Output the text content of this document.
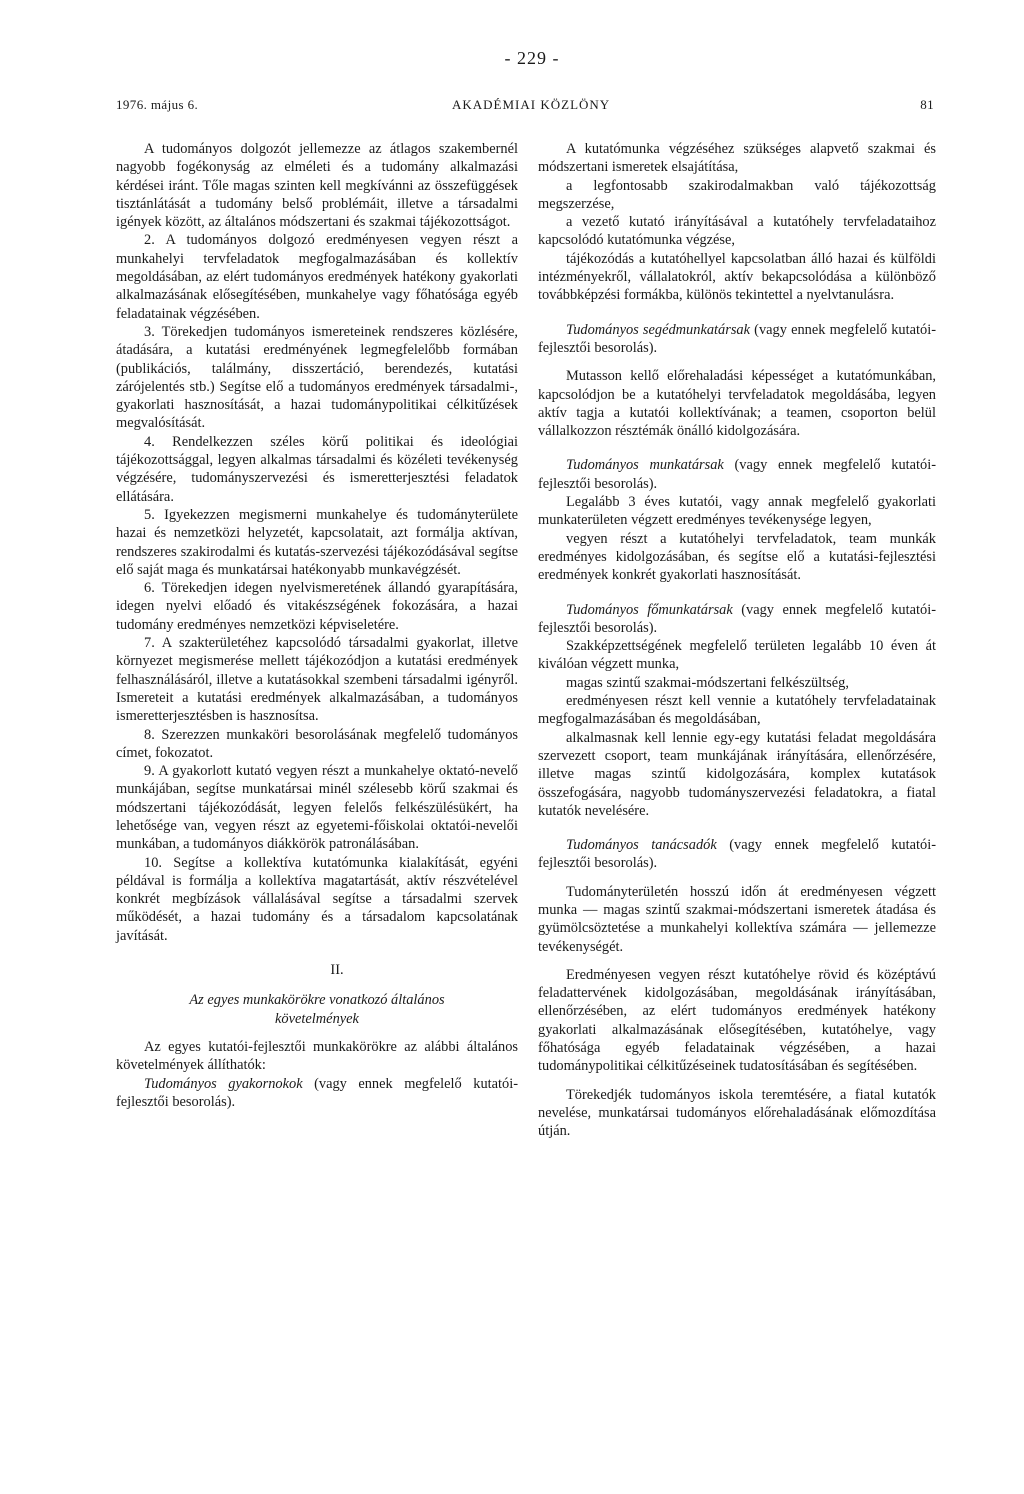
- 229 -
1976. május 6.	AKADÉMIAI KÖZLÖNY	81

A tudományos dolgozót jellemezze az átlagos szakembernél nagyobb fogékonyság az elméleti és a tudomány alkalmazási kérdései iránt. Tőle magas szinten kell megkívánni az összefüggések tisztánlátását a tudomány belső problémáit, illetve a társadalmi igények között, az általános módszertani és szakmai tájékozottságot.

2. A tudományos dolgozó eredményesen vegyen részt a munkahelyi tervfeladatok megfogalmazásában és kollektív megoldásában, az elért tudományos eredmények hatékony gyakorlati alkalmazásának elősegítésében, munkahelye vagy főhatósága egyéb feladatainak végzésében.

3. Törekedjen tudományos ismereteinek rendszeres közlésére, átadására, a kutatási eredményének legmegfelelőbb formában (publikációs, találmány, disszertáció, berendezés, kutatási zárójelentés stb.) Segítse elő a tudományos eredmények társadalmi-, gyakorlati hasznosítását, a hazai tudománypolitikai célkitűzések megvalósítását.

4. Rendelkezzen széles körű politikai és ideológiai tájékozottsággal, legyen alkalmas társadalmi és közéleti tevékenység végzésére, tudományszervezési és ismeretterjesztési feladatok ellátására.

5. Igyekezzen megismerni munkahelye és tudományterülete hazai és nemzetközi helyzetét, kapcsolatait, azt formálja aktívan, rendszeres szakirodalmi és kutatás-szervezési tájékozódásával segítse elő saját maga és munkatársai hatékonyabb munkavégzését.

6. Törekedjen idegen nyelvismeretének állandó gyarapítására, idegen nyelvi előadó és vitakészségének fokozására, a hazai tudomány eredményes nemzetközi képviseletére.

7. A szakterületéhez kapcsolódó társadalmi gyakorlat, illetve környezet megismerése mellett tájékozódjon a kutatási eredmények felhasználásáról, illetve a kutatásokkal szembeni társadalmi igényről. Ismereteit a kutatási eredmények alkalmazásában, a tudományos ismeretterjesztésben is hasznosítsa.

8. Szerezzen munkaköri besorolásának megfelelő tudományos címet, fokozatot.

9. A gyakorlott kutató vegyen részt a munkahelye oktató-nevelő munkájában, segítse munkatársai minél szélesebb körű szakmai és módszertani tájékozódását, legyen felelős felkészülésükért, ha lehetősége van, vegyen részt az egyetemi-főiskolai oktatói-nevelői munkában, a tudományos diákkörök patronálásában.

10. Segítse a kollektíva kutatómunka kialakítását, egyéni példával is formálja a kollektíva magatartását, aktív részvételével konkrét megbízások vállalásával segítse a társadalmi szervek működését, a hazai tudomány és a társadalom kapcsolatának javítását.

II.

Az egyes munkakörökre vonatkozó általános követelmények

Az egyes kutatói-fejlesztői munkakörökre az alábbi általános követelmények állíthatók:

Tudományos gyakornokok (vagy ennek megfelelő kutatói-fejlesztői besorolás).

A kutatómunka végzéséhez szükséges alapvető szakmai és módszertani ismeretek elsajátítása,

a legfontosabb szakirodalmakban való tájékozottság megszerzése,

a vezető kutató irányításával a kutatóhely tervfeladataihoz kapcsolódó kutatómunka végzése,

tájékozódás a kutatóhellyel kapcsolatban álló hazai és külföldi intézményekről, vállalatokról, aktív bekapcsolódása a különböző továbbképzési formákba, különös tekintettel a nyelvtanulásra.

Tudományos segédmunkatársak (vagy ennek megfelelő kutatói-fejlesztői besorolás).

Mutasson kellő előrehaladási képességet a kutatómunkában, kapcsolódjon be a kutatóhelyi tervfeladatok megoldásába, legyen aktív tagja a kutatói kollektívának; a teamen, csoporton belül vállalkozzon résztémák önálló kidolgozására.

Tudományos munkatársak (vagy ennek megfelelő kutatói-fejlesztői besorolás).

Legalább 3 éves kutatói, vagy annak megfelelő gyakorlati munkaterületen végzett eredményes tevékenysége legyen,

vegyen részt a kutatóhelyi tervfeladatok, team munkák eredményes kidolgozásában, és segítse elő a kutatási-fejlesztési eredmények konkrét gyakorlati hasznosítását.

Tudományos főmunkatársak (vagy ennek megfelelő kutatói-fejlesztői besorolás).

Szakképzettségének megfelelő területen legalább 10 éven át kiválóan végzett munka,

magas szintű szakmai-módszertani felkészültség,

eredményesen részt kell vennie a kutatóhely tervfeladatainak megfogalmazásában és megoldásában,

alkalmasnak kell lennie egy-egy kutatási feladat megoldására szervezett csoport, team munkájának irányítására, ellenőrzésére, illetve magas szintű kidolgozására, komplex kutatások összefogására, nagyobb tudományszervezési feladatokra, a fiatal kutatók nevelésére.

Tudományos tanácsadók (vagy ennek megfelelő kutatói-fejlesztői besorolás).

Tudományterületén hosszú időn át eredményesen végzett munka — magas szintű szakmai-módszertani ismeretek átadása és gyümölcsöztetése a munkahelyi kollektíva számára — jellemezze tevékenységét.

Eredményesen vegyen részt kutatóhelye rövid és középtávú feladattervének kidolgozásában, megoldásának irányításában, ellenőrzésében, az elért tudományos eredmények hatékony gyakorlati alkalmazásának elősegítésében, kutatóhelye, vagy főhatósága egyéb feladatainak végzésében, a hazai tudománypolitikai célkitűzéseinek tudatosításában és segítésében.

Törekedjék tudományos iskola teremtésére, a fiatal kutatók nevelése, munkatársai tudományos előrehaladásának előmozdítása útján.
